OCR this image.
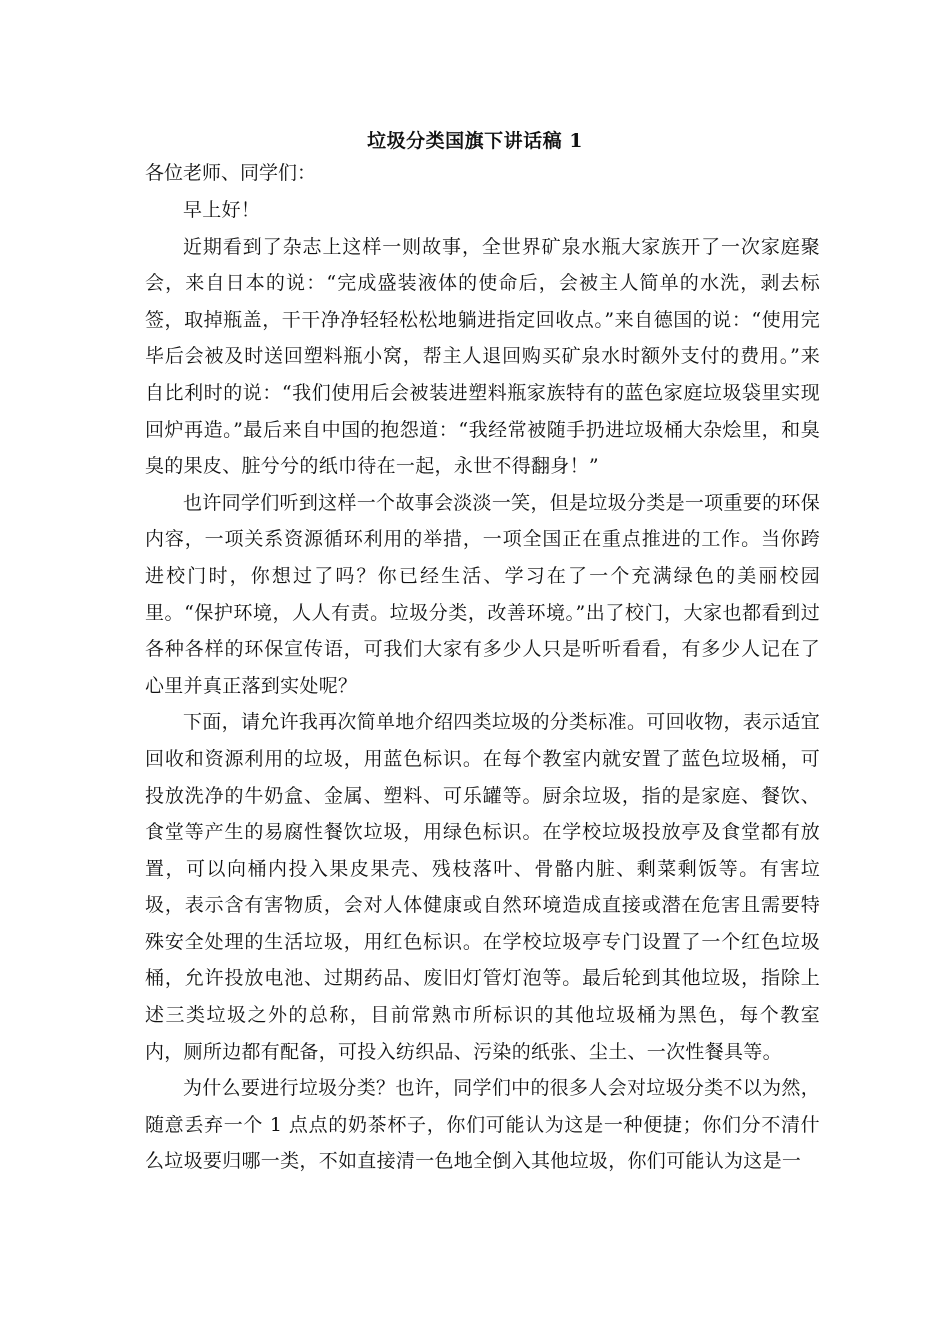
垃圾分类国旗下讲话稿 1
各位老师、同学们：

早上好！

近期看到了杂志上这样一则故事，全世界矿泉水瓶大家族开了一次家庭聚会，来自日本的说：“完成盛装液体的使命后，会被主人简单的水洗，剥去标签，取掉瓶盖，干干净净轻轻松松地躺进指定回收点。”来自德国的说：“使用完毕后会被及时送回塑料瓶小窝，帮主人退回购买矿泉水时额外支付的费用。”来自比利时的说：“我们使用后会被装进塑料瓶家族特有的蓝色家庭垃圾袋里实现回炉再造。”最后来自中国的抱怨道：“我经常被随手扔进垃圾桶大杂烩里，和臭臭的果皮、脏兮兮的纸巾待在一起，永世不得翻身！”

也许同学们听到这样一个故事会淡淡一笑，但是垃圾分类是一项重要的环保内容，一项关系资源循环利用的举措，一项全国正在重点推进的工作。当你跨进校门时，你想过了吗？你已经生活、学习在了一个充满绿色的美丽校园里。“保护环境，人人有责。垃圾分类，改善环境。”出了校门，大家也都看到过各种各样的环保宣传语，可我们大家有多少人只是听听看看，有多少人记在了心里并真正落到实处呢？

下面，请允许我再次简单地介绍四类垃圾的分类标准。可回收物，表示适宜回收和资源利用的垃圾，用蓝色标识。在每个教室内就安置了蓝色垃圾桶，可投放洗净的牛奶盒、金属、塑料、可乐罐等。厨余垃圾，指的是家庭、餐饮、食堂等产生的易腐性餐饮垃圾，用绿色标识。在学校垃圾投放亭及食堂都有放置，可以向桶内投入果皮果壳、残枝落叶、骨骼内脏、剩菜剩饭等。有害垃圾，表示含有害物质，会对人体健康或自然环境造成直接或潜在危害且需要特殊安全处理的生活垃圾，用红色标识。在学校垃圾亭专门设置了一个红色垃圾桶，允许投放电池、过期药品、废旧灯管灯泡等。最后轮到其他垃圾，指除上述三类垃圾之外的总称，目前常熟市所标识的其他垃圾桶为黑色，每个教室内，厕所边都有配备，可投入纺织品、污染的纸张、尘土、一次性餐具等。

为什么要进行垃圾分类？也许，同学们中的很多人会对垃圾分类不以为然，随意丢弃一个 1 点点的奶茶杯子，你们可能认为这是一种便捷；你们分不清什么垃圾要归哪一类，不如直接清一色地全倒入其他垃圾，你们可能认为这是一
